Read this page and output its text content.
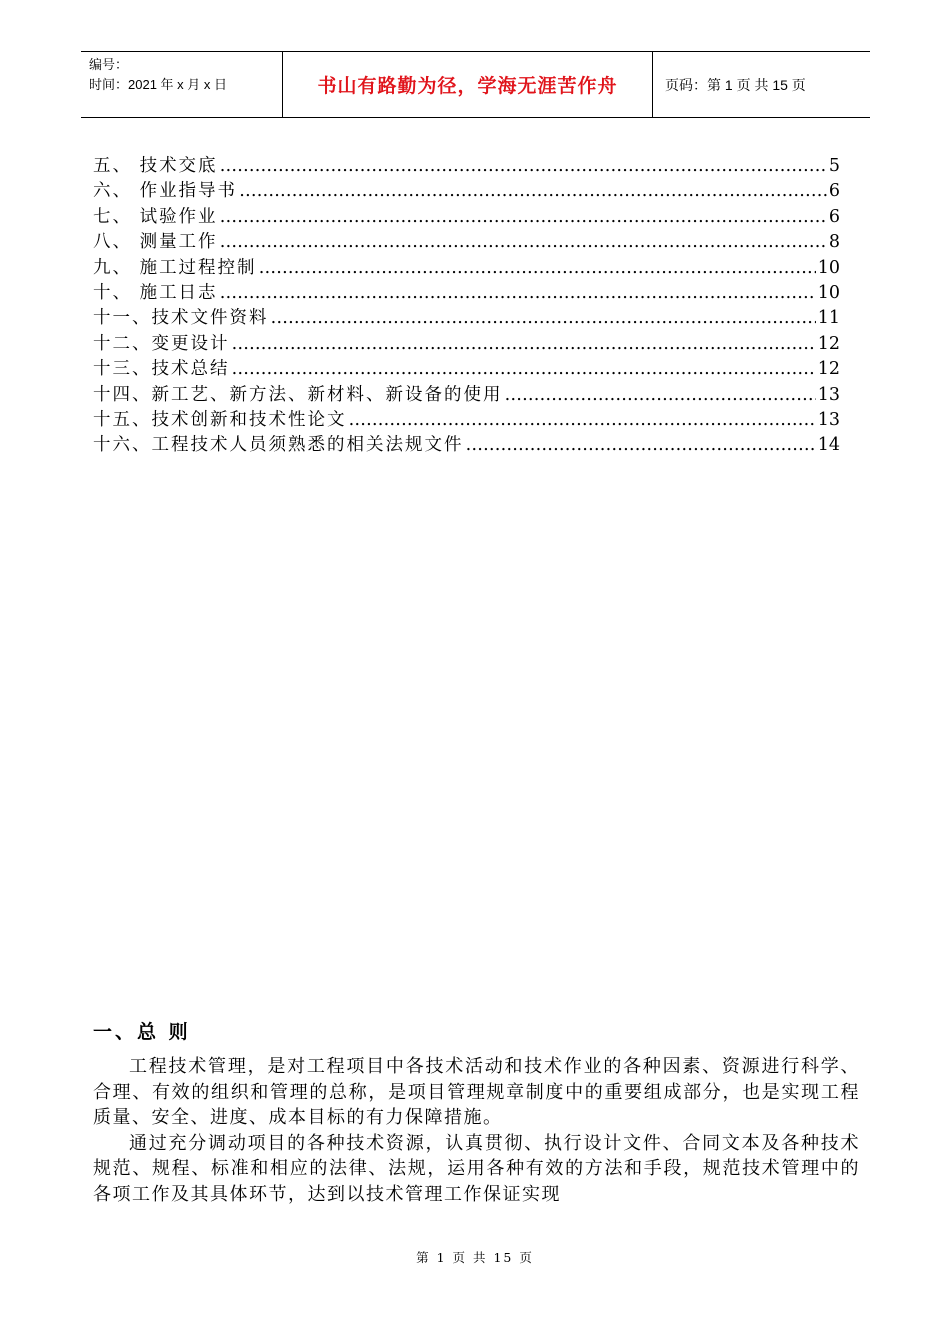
编号：
时间：2021 年 x 月 x 日	书山有路勤为径，学海无涯苦作舟	页码：第 1 页 共 15 页
五、 技术交底 ……………………………………………………………………………………………………………………………………………………	5
六、 作业指导书 ……………………………………………………………………………………………………………………………………………………	6
七、 试验作业 ……………………………………………………………………………………………………………………………………………………	6
八、 测量工作 ……………………………………………………………………………………………………………………………………………………	8
九、 施工过程控制 ……………………………………………………………………………………………………………………………………………………	10
十、 施工日志 ……………………………………………………………………………………………………………………………………………………	10
十一、技术文件资料 ……………………………………………………………………………………………………………………………………………………	11
十二、变更设计 ……………………………………………………………………………………………………………………………………………………	12
十三、技术总结 ……………………………………………………………………………………………………………………………………………………	12
十四、新工艺、新方法、新材料、新设备的使用 ……………………………………………………………………………………………………………………………………………………	13
十五、技术创新和技术性论文 ……………………………………………………………………………………………………………………………………………………	13
十六、工程技术人员须熟悉的相关法规文件 ……………………………………………………………………………………………………………………………………………………	14
一、总 则

工程技术管理，是对工程项目中各技术活动和技术作业的各种因素、资源进行科学、合理、有效的组织和管理的总称，是项目管理规章制度中的重要组成部分，也是实现工程质量、安全、进度、成本目标的有力保障措施。

通过充分调动项目的各种技术资源，认真贯彻、执行设计文件、合同文本及各种技术规范、规程、标准和相应的法律、法规，运用各种有效的方法和手段，规范技术管理中的各项工作及其具体环节，达到以技术管理工作保证实现

第 1 页 共 15 页
